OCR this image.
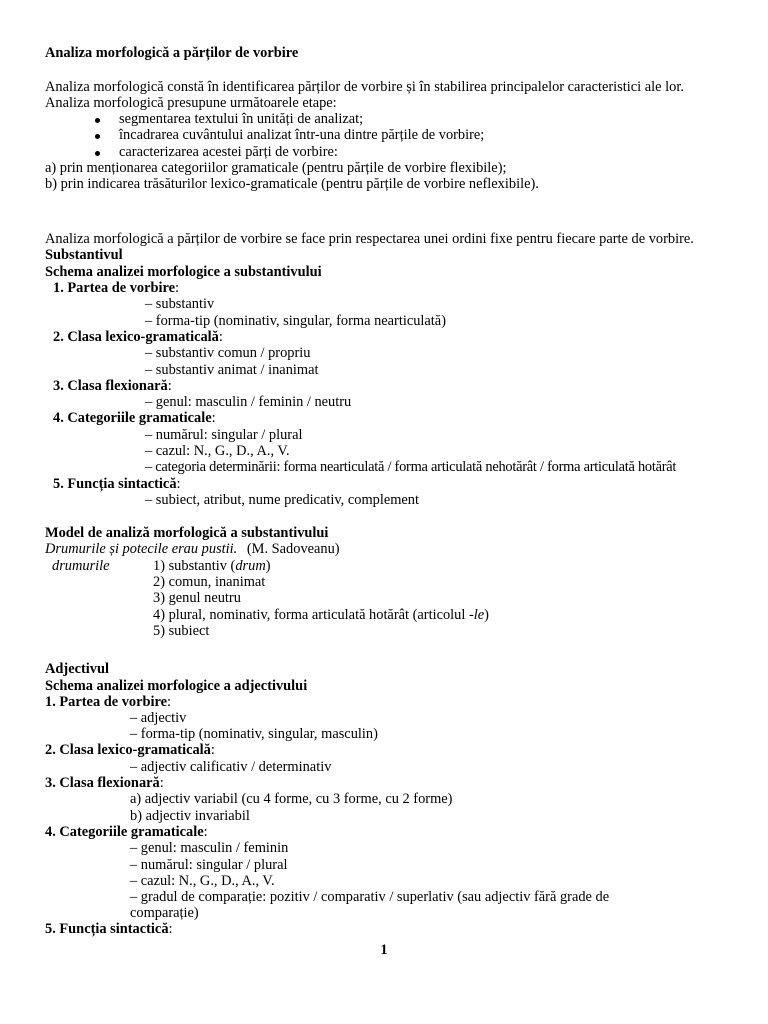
Analiza morfologică a părților de vorbire
Analiza morfologică constă în identificarea părților de vorbire și în stabilirea principalelor caracteristici ale lor.
Analiza morfologică presupune următoarele etape:
segmentarea textului în unități de analizat;
încadrarea cuvântului analizat într-una dintre părțile de vorbire;
caracterizarea acestei părți de vorbire:
a) prin menționarea categoriilor gramaticale (pentru părțile de vorbire flexibile);
b) prin indicarea trăsăturilor lexico-gramaticale (pentru părțile de vorbire neflexibile).
Analiza morfologică a părților de vorbire se face prin respectarea unei ordini fixe pentru fiecare parte de vorbire.
Substantivul
Schema analizei morfologice a substantivului
1. Partea de vorbire:
– substantiv
– forma-tip (nominativ, singular, forma nearticulată)
2. Clasa lexico-gramaticală:
– substantiv comun / propriu
– substantiv animat / inanimat
3. Clasa flexionară:
– genul: masculin / feminin / neutru
4. Categoriile gramaticale:
– numărul: singular / plural
– cazul: N., G., D., A., V.
– categoria determinării: forma nearticulată / forma articulată nehotărât / forma articulată hotărât
5. Funcția sintactică:
– subiect, atribut, nume predicativ, complement
Model de analiză morfologică a substantivului
Drumurile și potecile erau pustii. (M. Sadoveanu)
drumurile	1) substantiv (drum)
2) comun, inanimat
3) genul neutru
4) plural, nominativ, forma articulată hotărât (articolul -le)
5) subiect
Adjectivul
Schema analizei morfologice a adjectivului
1. Partea de vorbire:
– adjectiv
– forma-tip (nominativ, singular, masculin)
2. Clasa lexico-gramaticală:
– adjectiv calificativ / determinativ
3. Clasa flexionară:
a) adjectiv variabil (cu 4 forme, cu 3 forme, cu 2 forme)
b) adjectiv invariabil
4. Categoriile gramaticale:
– genul: masculin / feminin
– numărul: singular / plural
– cazul: N., G., D., A., V.
– gradul de comparație: pozitiv / comparativ / superlativ (sau adjectiv fără grade de
comparație)
5. Funcția sintactică:
1
